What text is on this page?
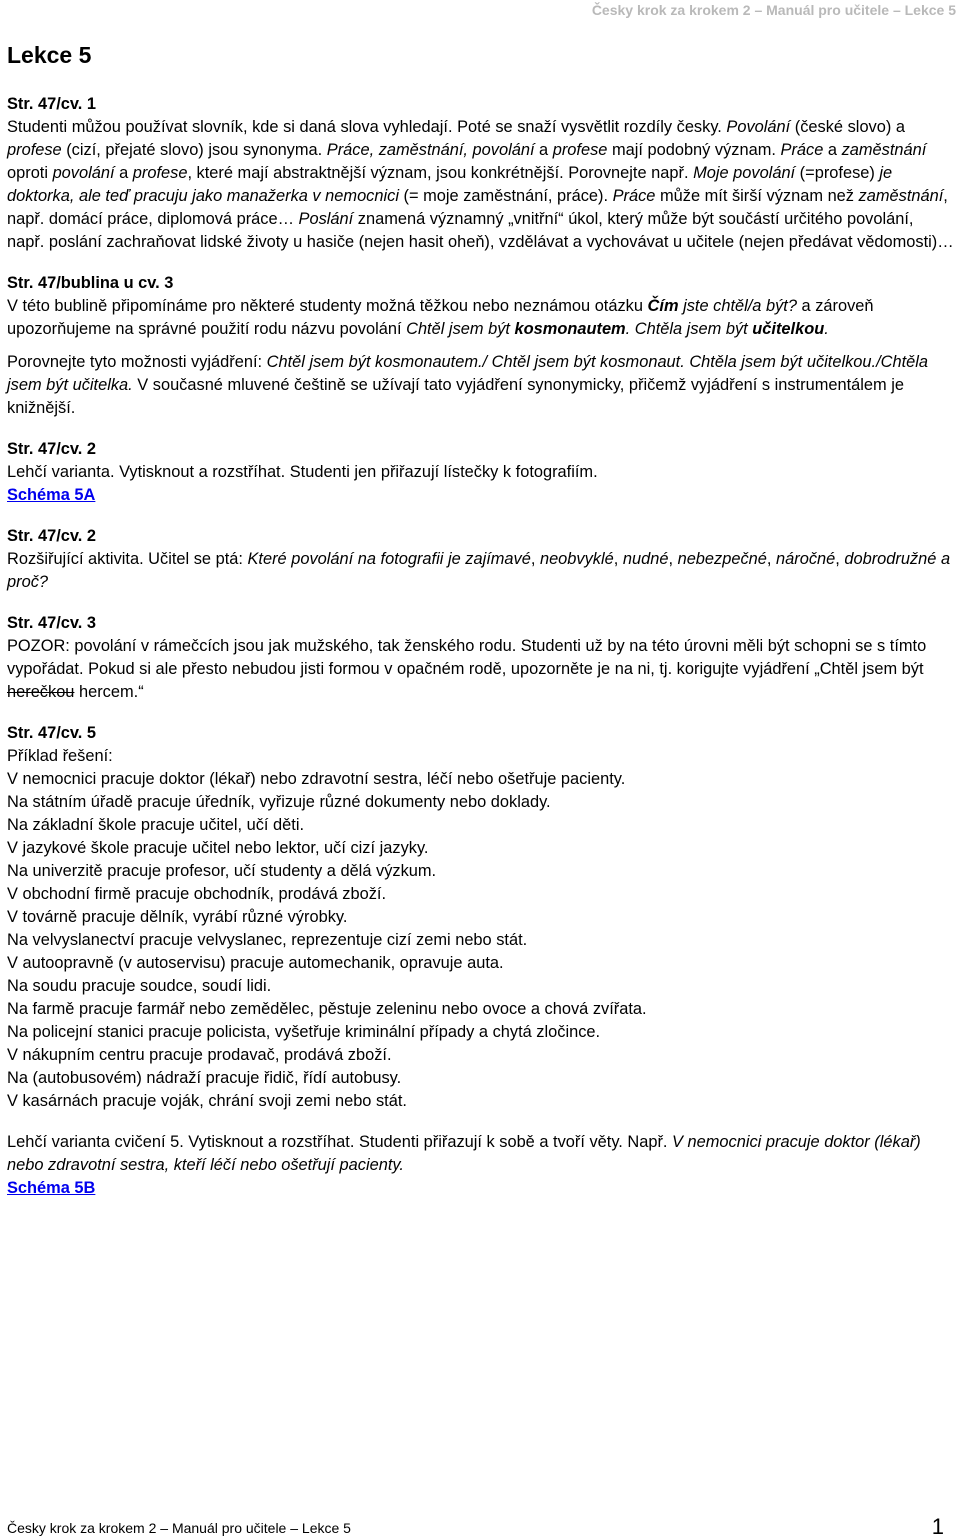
Česky krok za krokem 2 – Manuál pro učitele – Lekce 5
Lekce 5

Str. 47/cv. 1

Studenti můžou používat slovník, kde si daná slova vyhledají. Poté se snaží vysvětlit rozdíly česky. Povolání (české slovo) a profese (cizí, přejaté slovo) jsou synonyma. Práce, zaměstnání, povolání a profese mají podobný význam. Práce a zaměstnání oproti povolání a profese, které mají abstraktnější význam, jsou konkrétnější. Porovnejte např. Moje povolání (=profese) je doktorka, ale teď pracuju jako manažerka v nemocnici (= moje zaměstnání, práce). Práce může mít širší význam než zaměstnání, např. domácí práce, diplomová práce… Poslání znamená významný „vnitřní“ úkol, který může být součástí určitého povolání, např. poslání zachraňovat lidské životy u hasiče (nejen hasit oheň), vzdělávat a vychovávat u učitele (nejen předávat vědomosti)…

Str. 47/bublina u cv. 3

V této bublině připomínáme pro některé studenty možná těžkou nebo neznámou otázku Čím jste chtěl/a být? a zároveň upozorňujeme na správné použití rodu názvu povolání Chtěl jsem být kosmonautem. Chtěla jsem být učitelkou.

Porovnejte tyto možnosti vyjádření: Chtěl jsem být kosmonautem./ Chtěl jsem být kosmonaut. Chtěla jsem být učitelkou./Chtěla jsem být učitelka. V současné mluvené češtině se užívají tato vyjádření synonymicky, přičemž vyjádření s instrumentálem je knižnější.

Str. 47/cv. 2

Lehčí varianta. Vytisknout a rozstříhat. Studenti jen přiřazují lístečky k fotografiím.

Schéma 5A

Str. 47/cv. 2

Rozšiřující aktivita. Učitel se ptá: Které povolání na fotografii je zajímavé, neobvyklé, nudné, nebezpečné, náročné, dobrodružné a proč?

Str. 47/cv. 3

POZOR: povolání v rámečcích jsou jak mužského, tak ženského rodu. Studenti už by na této úrovni měli být schopni se s tímto vypořádat. Pokud si ale přesto nebudou jisti formou v opačném rodě, upozorněte je na ni, tj. korigujte vyjádření „Chtěl jsem být herečkou hercem.“

Str. 47/cv. 5

Příklad řešení:

V nemocnici pracuje doktor (lékař) nebo zdravotní sestra, léčí nebo ošetřuje pacienty.

Na státním úřadě pracuje úředník, vyřizuje různé dokumenty nebo doklady.

Na základní škole pracuje učitel, učí děti.

V jazykové škole pracuje učitel nebo lektor, učí cizí jazyky.

Na univerzitě pracuje profesor, učí studenty a dělá výzkum.

V obchodní firmě pracuje obchodník, prodává zboží.

V továrně pracuje dělník, vyrábí různé výrobky.

Na velvyslanectví pracuje velvyslanec, reprezentuje cizí zemi nebo stát.

V autoopravně (v autoservisu) pracuje automechanik, opravuje auta.

Na soudu pracuje soudce, soudí lidi.

Na farmě pracuje farmář nebo zemědělec, pěstuje zeleninu nebo ovoce a chová zvířata.

Na policejní stanici pracuje policista, vyšetřuje kriminální případy a chytá zločince.

V nákupním centru pracuje prodavač, prodává zboží.

Na (autobusovém) nádraží pracuje řidič, řídí autobusy.

V kasárnách pracuje voják, chrání svoji zemi nebo stát.

Lehčí varianta cvičení 5. Vytisknout a rozstříhat. Studenti přiřazují k sobě a tvoří věty. Např. V nemocnici pracuje doktor (lékař) nebo zdravotní sestra, kteří léčí nebo ošetřují pacienty.

Schéma 5B

Česky krok za krokem 2 – Manuál pro učitele – Lekce 5	1
